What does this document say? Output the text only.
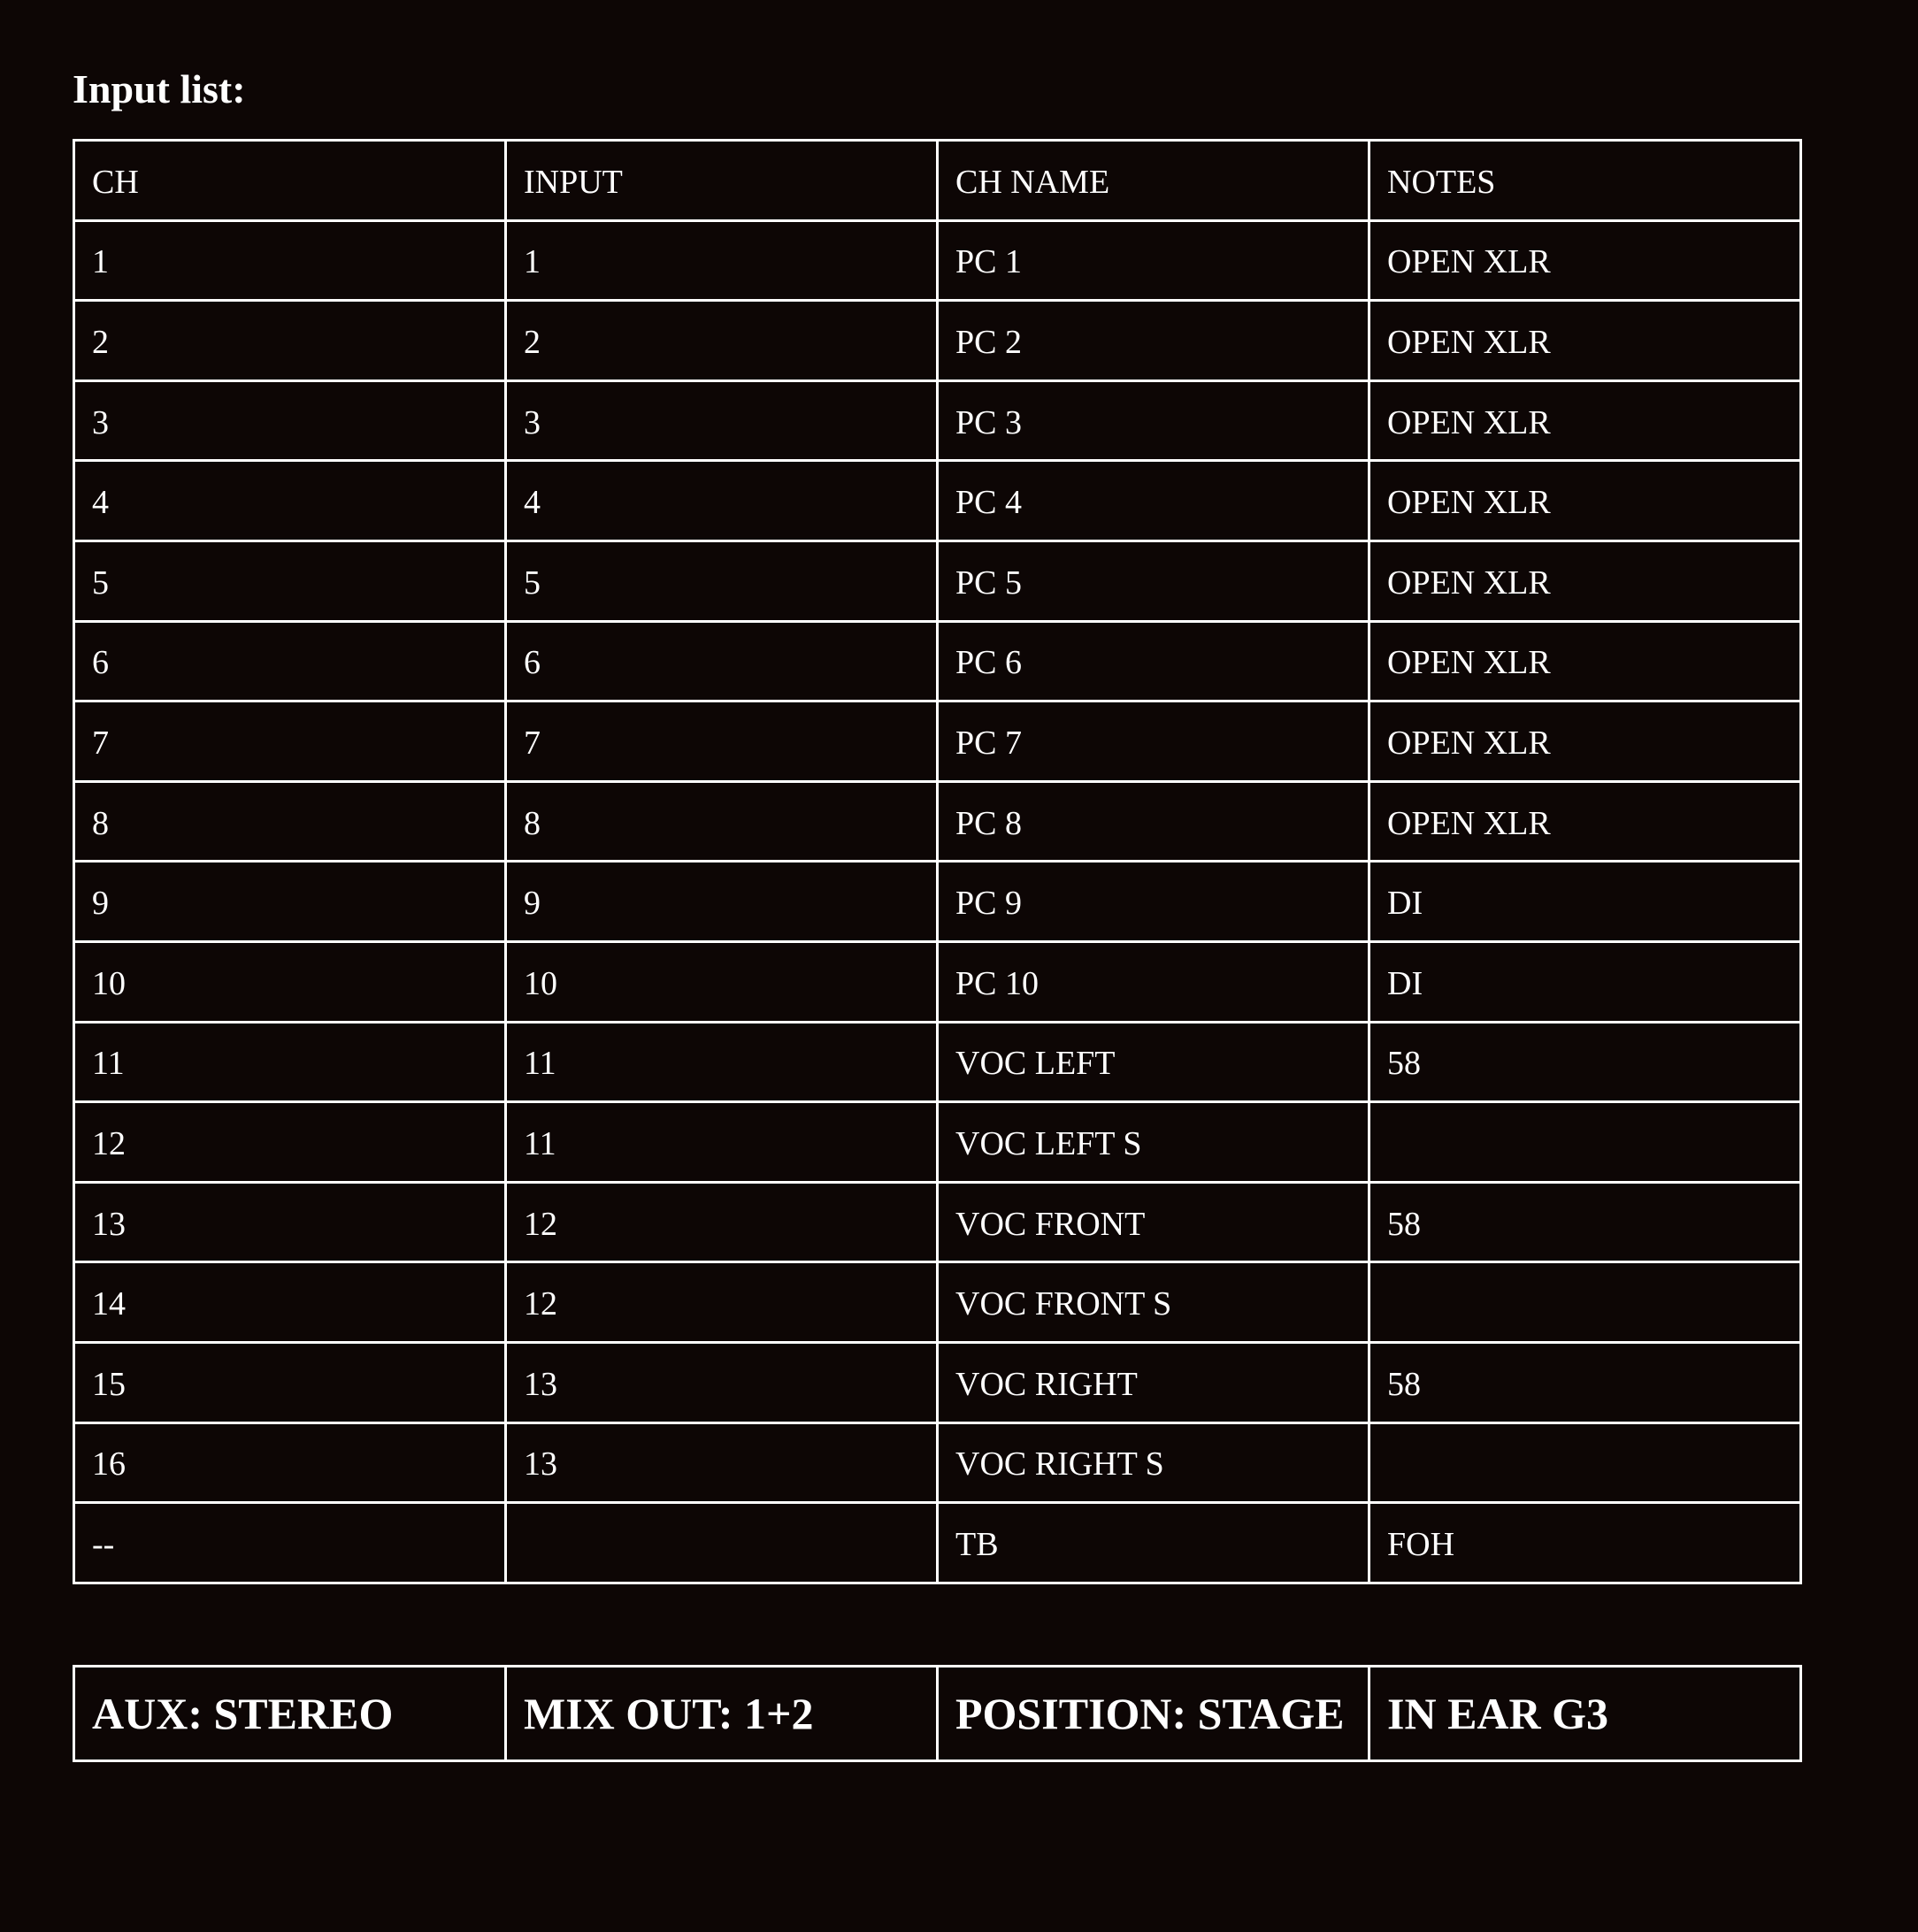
Input list:
CH	INPUT	CH NAME	NOTES
1	1	PC 1	OPEN XLR
2	2	PC 2	OPEN XLR
3	3	PC 3	OPEN XLR
4	4	PC 4	OPEN XLR
5	5	PC 5	OPEN XLR
6	6	PC 6	OPEN XLR
7	7	PC 7	OPEN XLR
8	8	PC 8	OPEN XLR
9	9	PC 9	DI
10	10	PC 10	DI
11	11	VOC LEFT	58
12	11	VOC LEFT S	
13	12	VOC FRONT	58
14	12	VOC FRONT S	
15	13	VOC RIGHT	58
16	13	VOC RIGHT S	
--		TB	FOH
AUX: STEREO	MIX OUT: 1+2	POSITION: STAGE	IN EAR G3
